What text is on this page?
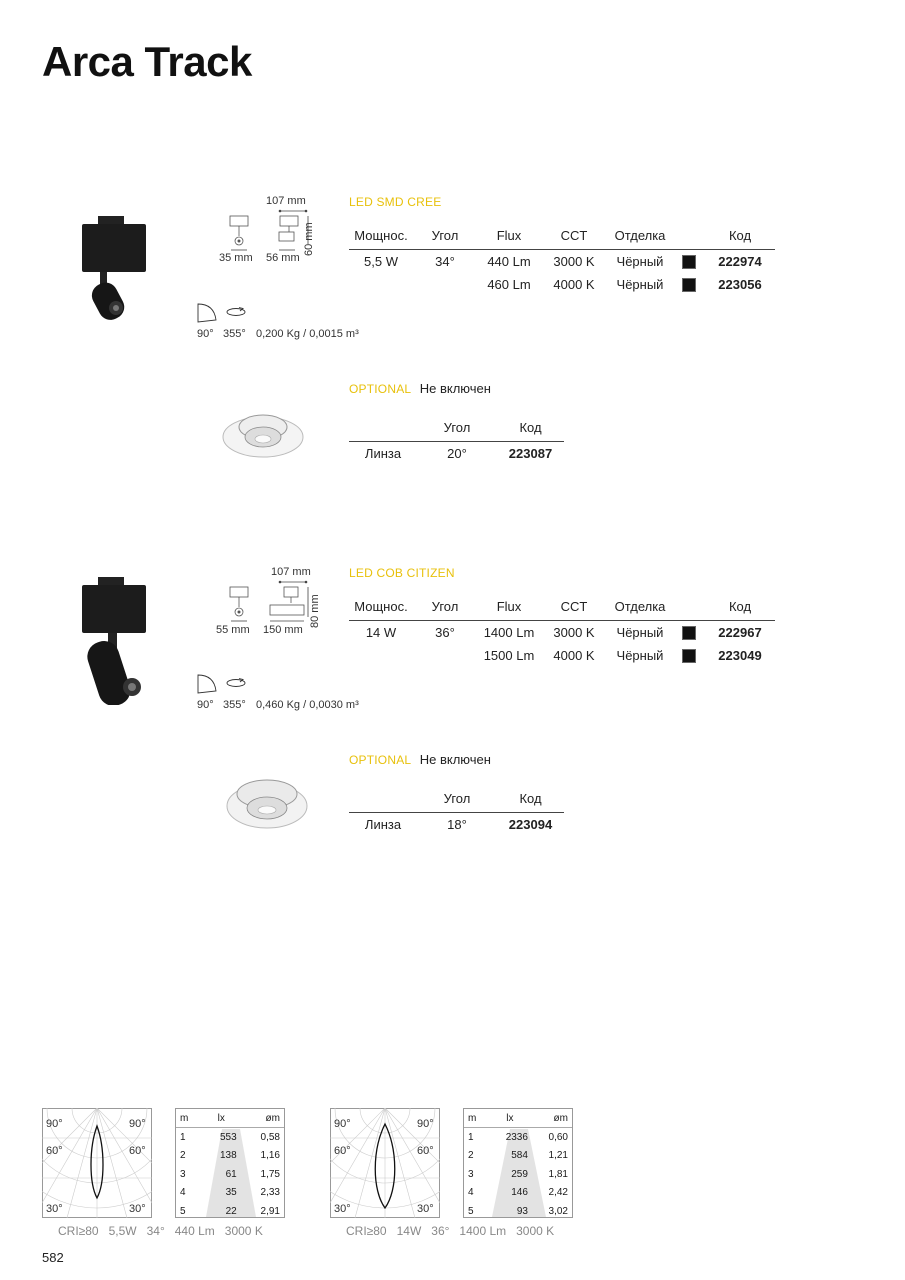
Arca Track
107 mm
60 mm
35 mm 56 mm
90° 355° 0,200 Kg / 0,0015 m³
LED SMD CREE
Мощнос.	Угол	Flux	CCT	Отделка		Код
5,5 W	34°	440 Lm	3000 K	Чёрный		222974
		460 Lm	4000 K	Чёрный		223056
OPTIONAL Не включен
	Угол	Код
Линза	20°	223087
107 mm
80 mm
55 mm 150 mm
90° 355° 0,460 Kg / 0,0030 m³
LED COB CITIZEN
Мощнос.	Угол	Flux	CCT	Отделка		Код
14 W	36°	1400 Lm	3000 K	Чёрный		222967
		1500 Lm	4000 K	Чёрный		223049
OPTIONAL Не включен
	Угол	Код
Линза	18°	223094
90°	90°
60°	60°
30°	30°
m	lx	øm
1	553	0,58
2	138	1,16
3	61	1,75
4	35	2,33
5	22	2,91
CRI≥80   5,5W   34°   440 Lm   3000 K
90°	90°
60°	60°
30°	30°
m	lx	øm
1	2336	0,60
2	584	1,21
3	259	1,81
4	146	2,42
5	93	3,02
CRI≥80   14W   36°   1400 Lm   3000 K
582
